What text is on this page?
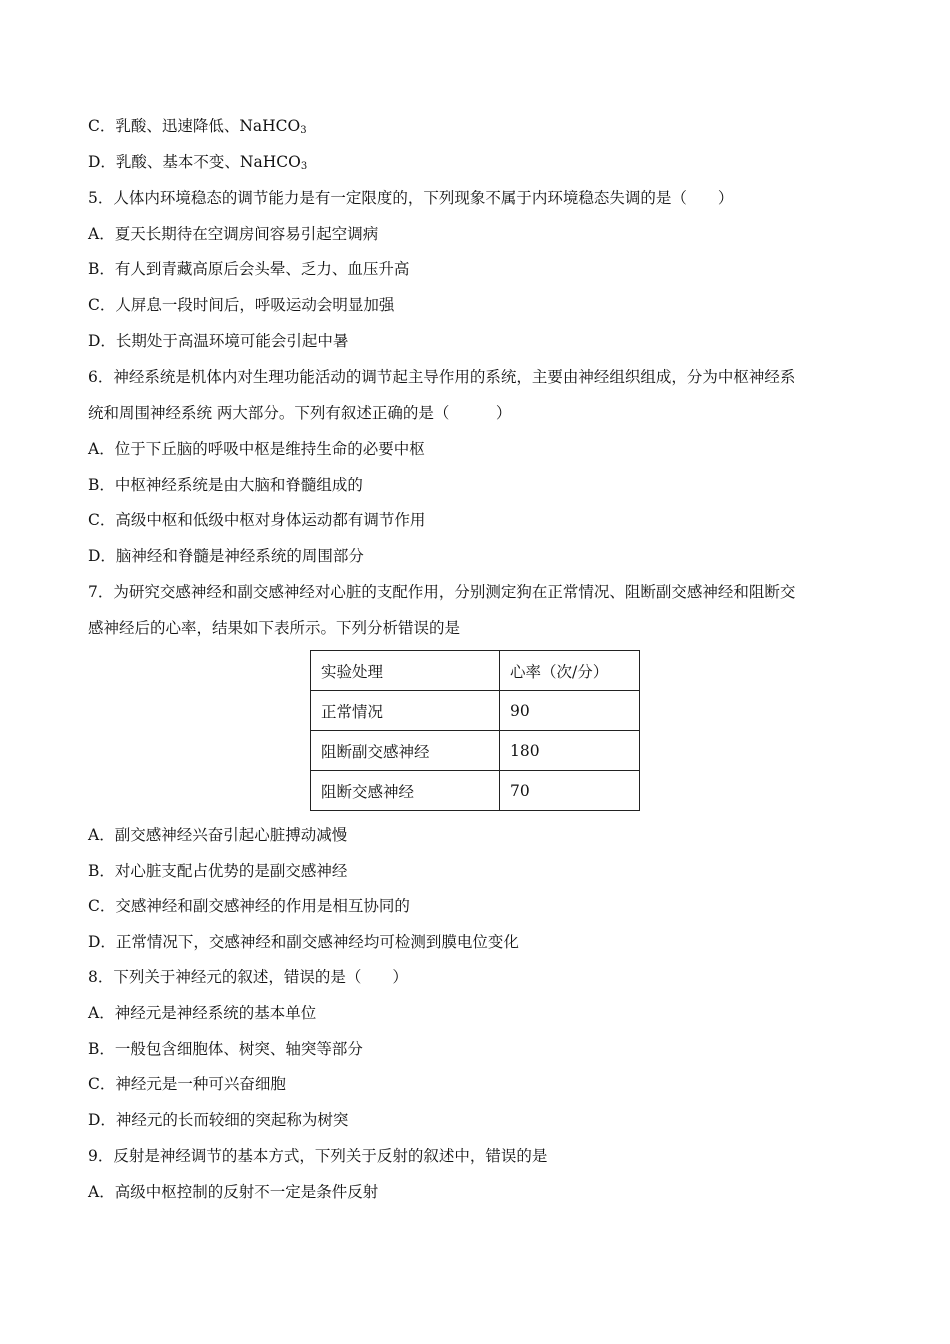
C．乳酸、迅速降低、NaHCO$_3$
D．乳酸、基本不变、NaHCO$_3$
5．人体内环境稳态的调节能力是有一定限度的，下列现象不属于内环境稳态失调的是（　　）
A．夏天长期待在空调房间容易引起空调病
B．有人到青藏高原后会头晕、乏力、血压升高
C．人屏息一段时间后，呼吸运动会明显加强
D．长期处于高温环境可能会引起中暑
6．神经系统是机体内对生理功能活动的调节起主导作用的系统，主要由神经组织组成，分为中枢神经系
统和周围神经系统 两大部分。下列有叙述正确的是（　　　）
A．位于下丘脑的呼吸中枢是维持生命的必要中枢
B．中枢神经系统是由大脑和脊髓组成的
C．高级中枢和低级中枢对身体运动都有调节作用
D．脑神经和脊髓是神经系统的周围部分
7．为研究交感神经和副交感神经对心脏的支配作用，分别测定狗在正常情况、阻断副交感神经和阻断交
感神经后的心率，结果如下表所示。下列分析错误的是
实验处理	心率（次/分）
正常情况	90
阻断副交感神经	180
阻断交感神经	70
A．副交感神经兴奋引起心脏搏动减慢
B．对心脏支配占优势的是副交感神经
C．交感神经和副交感神经的作用是相互协同的
D．正常情况下，交感神经和副交感神经均可检测到膜电位变化
8．下列关于神经元的叙述，错误的是（　　）
A．神经元是神经系统的基本单位
B．一般包含细胞体、树突、轴突等部分
C．神经元是一种可兴奋细胞
D．神经元的长而较细的突起称为树突
9．反射是神经调节的基本方式，下列关于反射的叙述中，错误的是
A．高级中枢控制的反射不一定是条件反射
